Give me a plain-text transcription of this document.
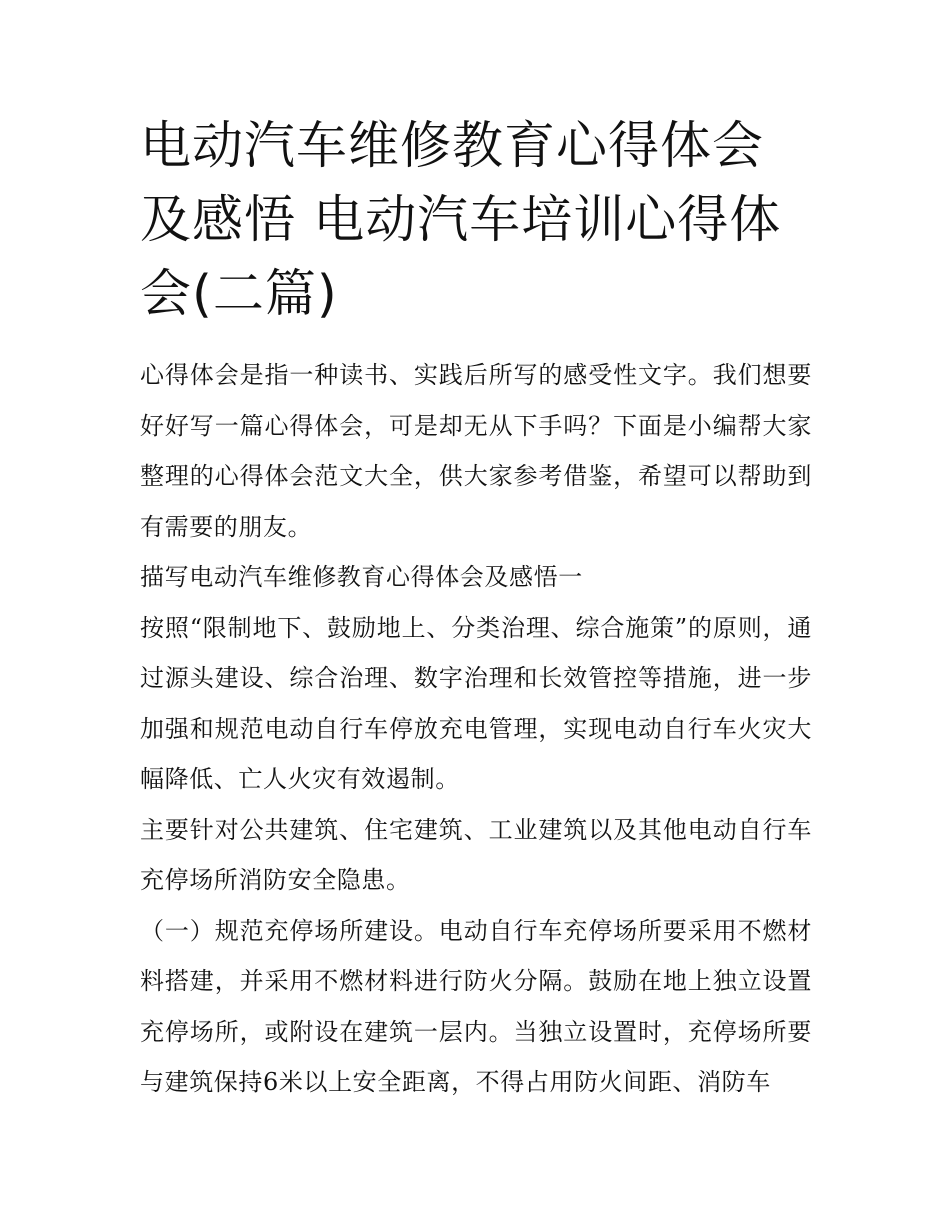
电动汽车维修教育心得体会及感悟 电动汽车培训心得体会(二篇)

心得体会是指一种读书、实践后所写的感受性文字。我们想要好好写一篇心得体会，可是却无从下手吗？下面是小编帮大家整理的心得体会范文大全，供大家参考借鉴，希望可以帮助到有需要的朋友。

描写电动汽车维修教育心得体会及感悟一

按照“限制地下、鼓励地上、分类治理、综合施策”的原则，通过源头建设、综合治理、数字治理和长效管控等措施，进一步加强和规范电动自行车停放充电管理，实现电动自行车火灾大幅降低、亡人火灾有效遏制。

主要针对公共建筑、住宅建筑、工业建筑以及其他电动自行车充停场所消防安全隐患。

（一）规范充停场所建设。电动自行车充停场所要采用不燃材料搭建，并采用不燃材料进行防火分隔。鼓励在地上独立设置充停场所，或附设在建筑一层内。当独立设置时，充停场所要与建筑保持6米以上安全距离，不得占用防火间距、消防车
